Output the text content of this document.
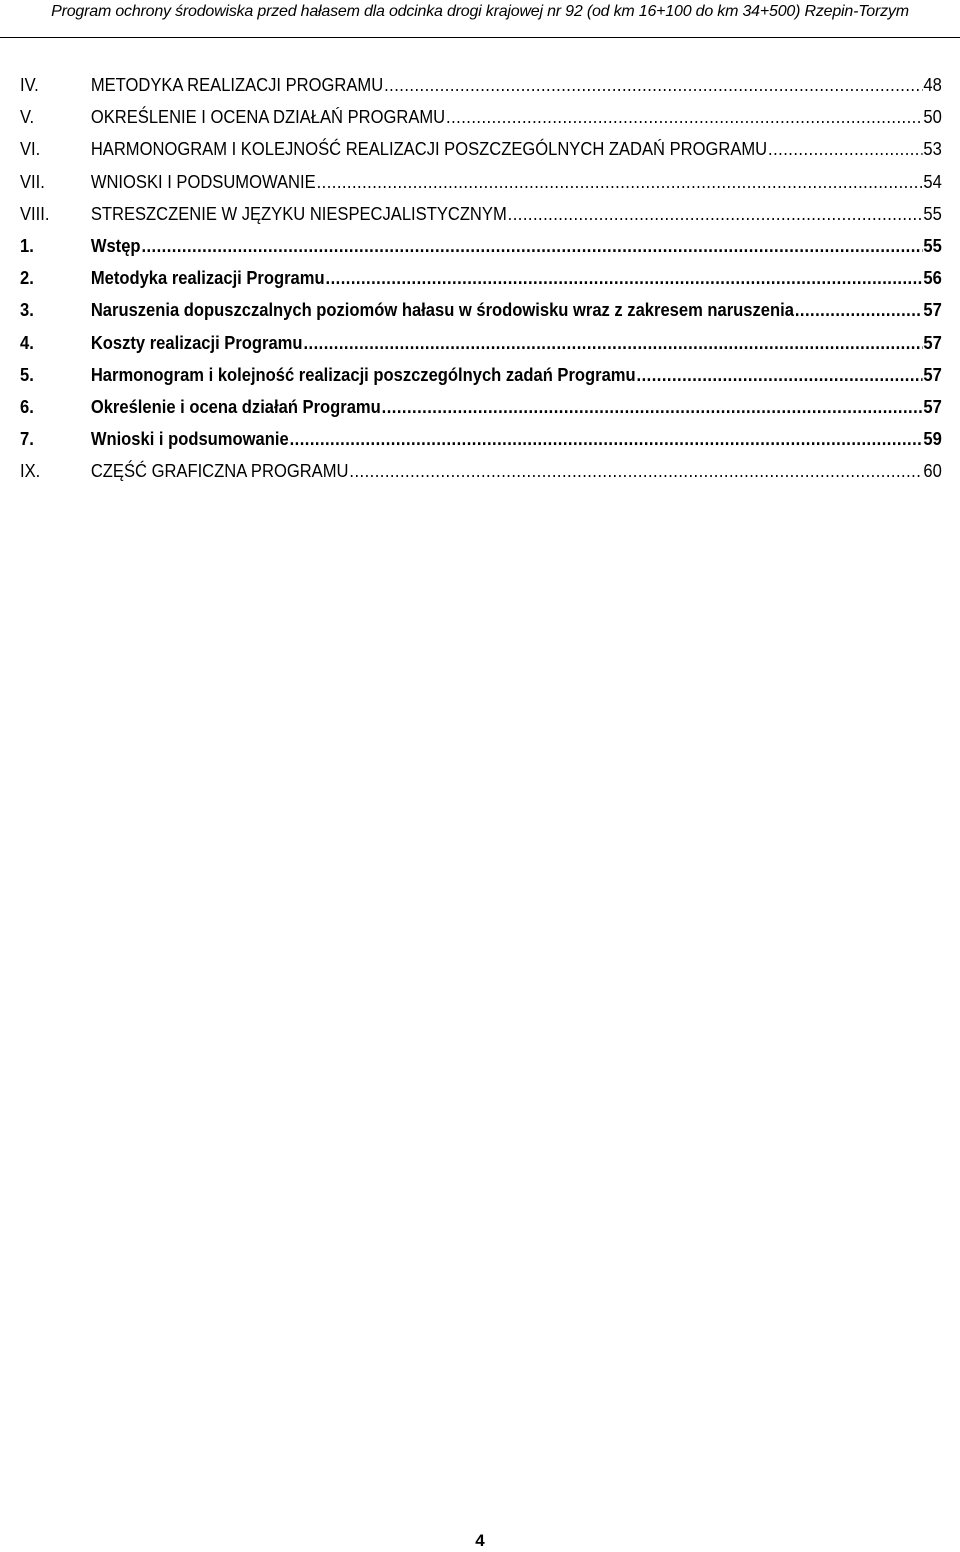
Program ochrony środowiska przed hałasem dla odcinka drogi krajowej nr 92 (od km 16+100 do km 34+500) Rzepin-Torzym
IV.	METODYKA REALIZACJI PROGRAMU .....	48
V.	OKREŚLENIE I OCENA DZIAŁAŃ PROGRAMU .....	50
VI.	HARMONOGRAM I KOLEJNOŚĆ REALIZACJI POSZCZEGÓLNYCH ZADAŃ PROGRAMU .....	53
VII.	WNIOSKI I PODSUMOWANIE .....	54
VIII.	STRESZCZENIE W JĘZYKU NIESPECJALISTYCZNYM .....	55
1.	Wstęp .....	55
2.	Metodyka realizacji Programu .....	56
3.	Naruszenia dopuszczalnych poziomów hałasu w środowisku wraz z zakresem naruszenia .....	57
4.	Koszty realizacji Programu .....	57
5.	Harmonogram i kolejność realizacji poszczególnych zadań Programu .....	57
6.	Określenie i ocena działań Programu .....	57
7.	Wnioski i podsumowanie .....	59
IX.	CZĘŚĆ GRAFICZNA PROGRAMU .....	60
4
